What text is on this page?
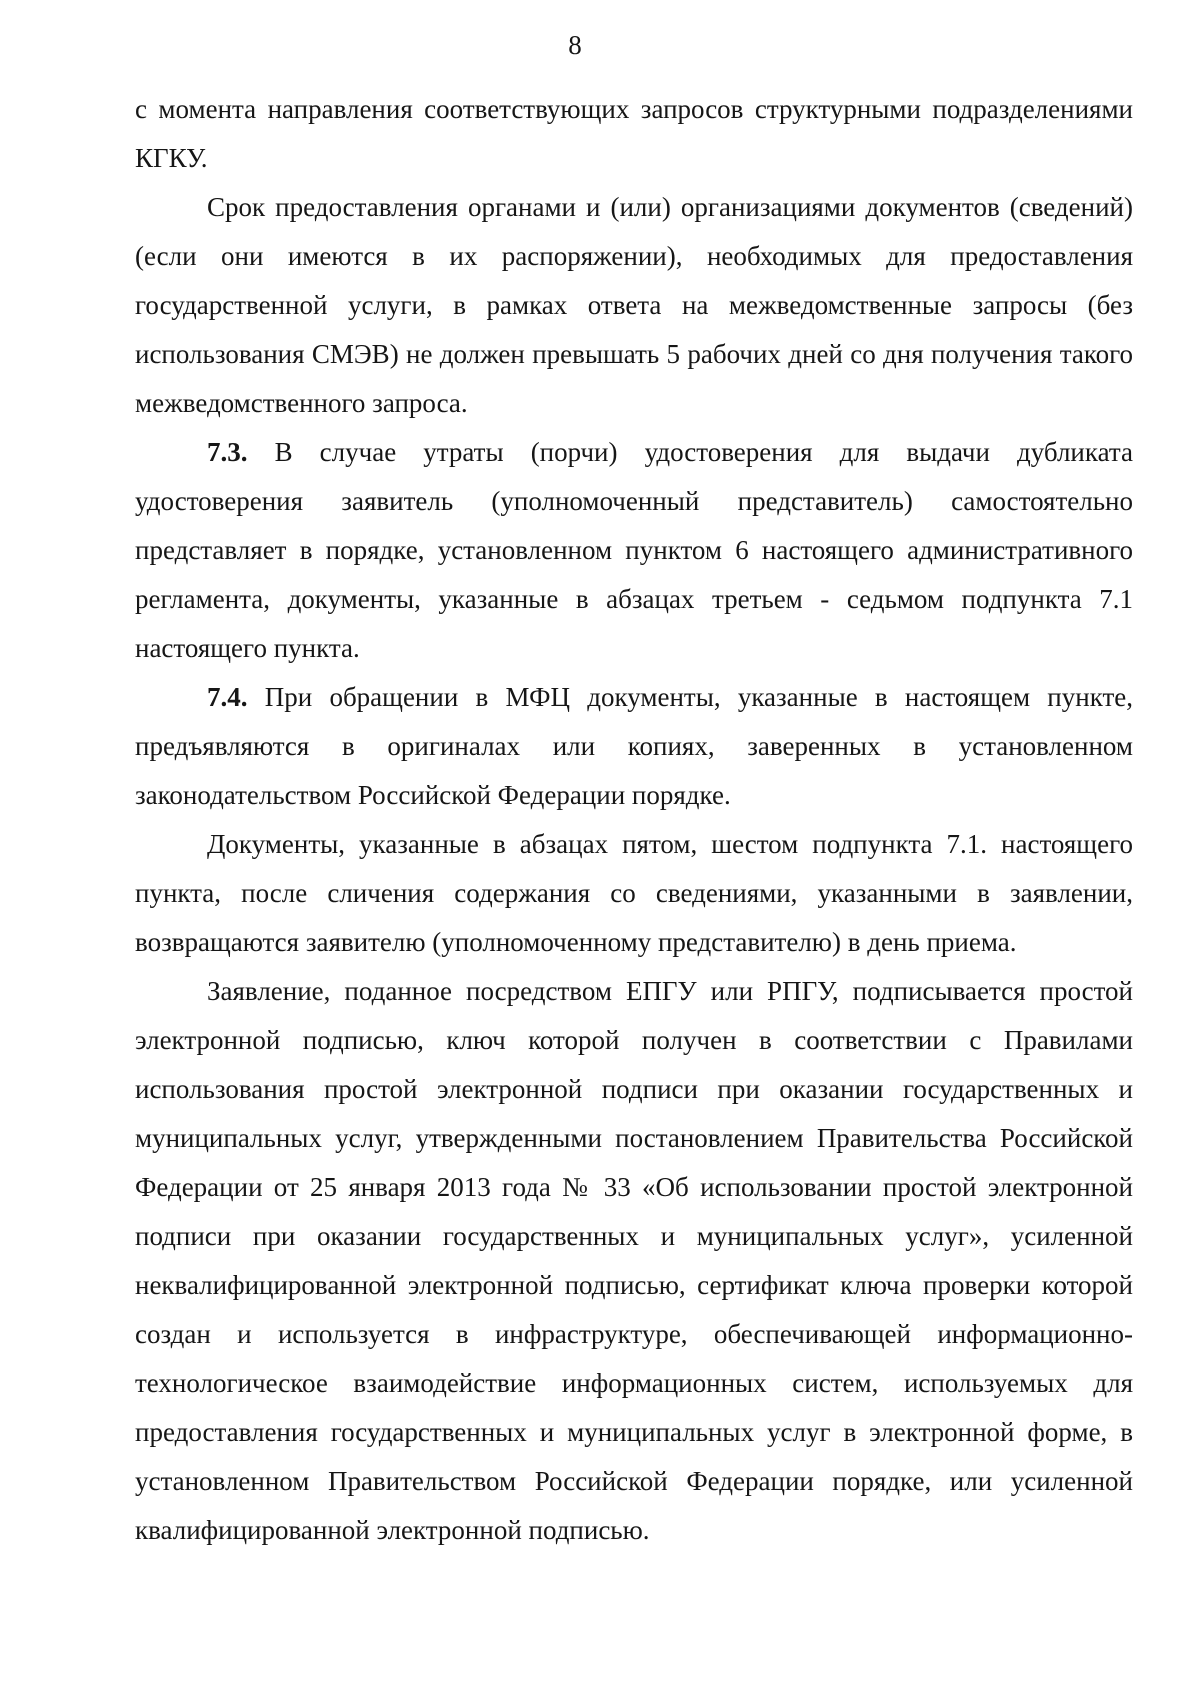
8

с момента направления соответствующих запросов структурными подразделениями КГКУ.

Срок предоставления органами и (или) организациями документов (сведений) (если они имеются в их распоряжении), необходимых для предоставления государственной услуги, в рамках ответа на межведомственные запросы (без использования СМЭВ) не должен превышать 5 рабочих дней со дня получения такого межведомственного запроса.

7.3. В случае утраты (порчи) удостоверения для выдачи дубликата удостоверения заявитель (уполномоченный представитель) самостоятельно представляет в порядке, установленном пунктом 6 настоящего административного регламента, документы, указанные в абзацах третьем - седьмом подпункта 7.1 настоящего пункта.

7.4. При обращении в МФЦ документы, указанные в настоящем пункте, предъявляются в оригиналах или копиях, заверенных в установленном законодательством Российской Федерации порядке.

Документы, указанные в абзацах пятом, шестом подпункта 7.1. настоящего пункта, после сличения содержания со сведениями, указанными в заявлении, возвращаются заявителю (уполномоченному представителю) в день приема.

Заявление, поданное посредством ЕПГУ или РПГУ, подписывается простой электронной подписью, ключ которой получен в соответствии с Правилами использования простой электронной подписи при оказании государственных и муниципальных услуг, утвержденными постановлением Правительства Российской Федерации от 25 января 2013 года № 33 «Об использовании простой электронной подписи при оказании государственных и муниципальных услуг», усиленной неквалифицированной электронной подписью, сертификат ключа проверки которой создан и используется в инфраструктуре, обеспечивающей информационно-технологическое взаимодействие информационных систем, используемых для предоставления государственных и муниципальных услуг в электронной форме, в установленном Правительством Российской Федерации порядке, или усиленной квалифицированной электронной подписью.
